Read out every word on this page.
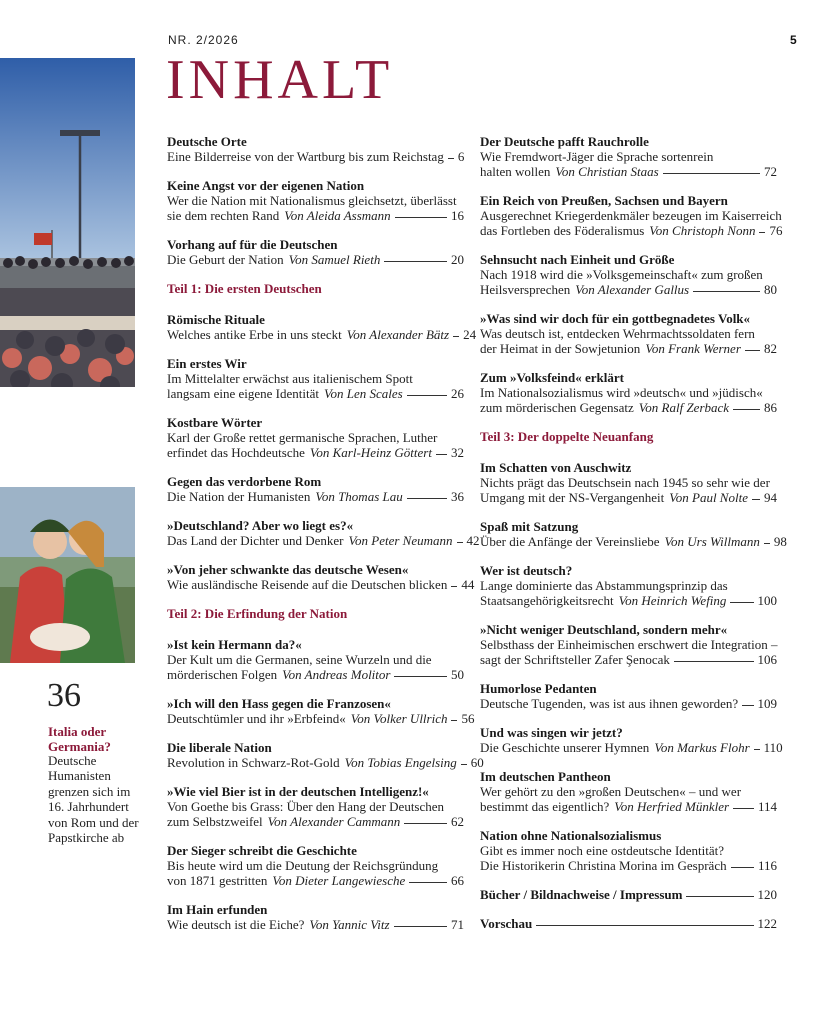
NR. 2/2026	5
INHALT
36
Italia oder Germania?
Deutsche Humanisten grenzen sich im 16. Jahrhundert von Rom und der Papstkirche ab
Deutsche Orte
Eine Bilderreise von der Wartburg bis zum Reichstag 6
Keine Angst vor der eigenen Nation
Wer die Nation mit Nationalismus gleichsetzt, überlässt
sie dem rechten Rand Von Aleida Assmann	16
Vorhang auf für die Deutschen
Die Geburt der Nation Von Samuel Rieth	20
Teil 1: Die ersten Deutschen
Römische Rituale
Welches antike Erbe in uns steckt Von Alexander Bätz 24
Ein erstes Wir
Im Mittelalter erwächst aus italienischem Spott
langsam eine eigene Identität Von Len Scales	26
Kostbare Wörter
Karl der Große rettet germanische Sprachen, Luther
erfindet das Hochdeutsche Von Karl-Heinz Göttert 32
Gegen das verdorbene Rom
Die Nation der Humanisten Von Thomas Lau	36
»Deutschland? Aber wo liegt es?«
Das Land der Dichter und Denker Von Peter Neumann 42
»Von jeher schwankte das deutsche Wesen«
Wie ausländische Reisende auf die Deutschen blicken 44
Teil 2: Die Erfindung der Nation
»Ist kein Hermann da?«
Der Kult um die Germanen, seine Wurzeln und die
mörderischen Folgen Von Andreas Molitor	50
»Ich will den Hass gegen die Franzosen«
Deutschtümler und ihr »Erbfeind« Von Volker Ullrich 56
Die liberale Nation
Revolution in Schwarz-Rot-Gold Von Tobias Engelsing 60
»Wie viel Bier ist in der deutschen Intelligenz!«
Von Goethe bis Grass: Über den Hang der Deutschen
zum Selbstzweifel Von Alexander Cammann	62
Der Sieger schreibt die Geschichte
Bis heute wird um die Deutung der Reichsgründung
von 1871 gestritten Von Dieter Langewiesche	66
Im Hain erfunden
Wie deutsch ist die Eiche? Von Yannic Vitz	71
Der Deutsche pafft Rauchrolle
Wie Fremdwort-Jäger die Sprache sortenrein
halten wollen Von Christian Staas	72
Ein Reich von Preußen, Sachsen und Bayern
Ausgerechnet Kriegerdenkmäler bezeugen im Kaiserreich
das Fortleben des Föderalismus Von Christoph Nonn 76
Sehnsucht nach Einheit und Größe
Nach 1918 wird die »Volksgemeinschaft« zum großen
Heilsversprechen Von Alexander Gallus	80
»Was sind wir doch für ein gottbegnadetes Volk«
Was deutsch ist, entdecken Wehrmachtssoldaten fern
der Heimat in der Sowjetunion Von Frank Werner 82
Zum »Volksfeind« erklärt
Im Nationalsozialismus wird »deutsch« und »jüdisch«
zum mörderischen Gegensatz Von Ralf Zerback	86
Teil 3: Der doppelte Neuanfang
Im Schatten von Auschwitz
Nichts prägt das Deutschsein nach 1945 so sehr wie der
Umgang mit der NS-Vergangenheit Von Paul Nolte 94
Spaß mit Satzung
Über die Anfänge der Vereinsliebe Von Urs Willmann 98
Wer ist deutsch?
Lange dominierte das Abstammungsprinzip das
Staatsangehörigkeitsrecht Von Heinrich Wefing 100
»Nicht weniger Deutschland, sondern mehr«
Selbsthass der Einheimischen erschwert die Integration –
sagt der Schriftsteller Zafer Şenocak	106
Humorlose Pedanten
Deutsche Tugenden, was ist aus ihnen geworden? 109
Und was singen wir jetzt?
Die Geschichte unserer Hymnen Von Markus Flohr 110
Im deutschen Pantheon
Wer gehört zu den »großen Deutschen« – und wer
bestimmt das eigentlich? Von Herfried Münkler 114
Nation ohne Nationalsozialismus
Gibt es immer noch eine ostdeutsche Identität?
Die Historikerin Christina Morina im Gespräch 116
Bücher / Bildnachweise / Impressum	120
Vorschau	122
